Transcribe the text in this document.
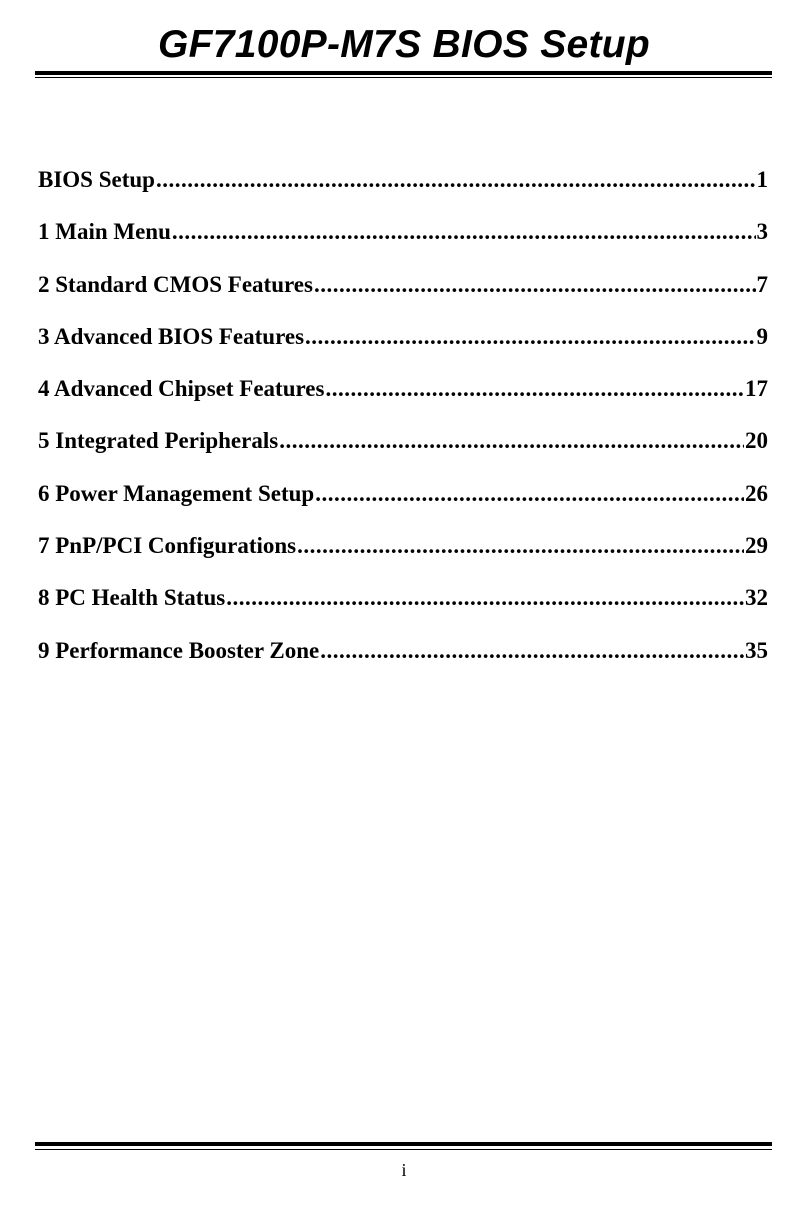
GF7100P-M7S BIOS Setup
BIOS Setup .....	1
1 Main Menu .....	3
2 Standard CMOS Features .....	7
3 Advanced BIOS Features .....	9
4 Advanced Chipset Features .....	17
5 Integrated Peripherals .....	20
6 Power Management Setup .....	26
7 PnP/PCI Configurations .....	29
8 PC Health Status .....	32
9 Performance Booster Zone .....	35
i
